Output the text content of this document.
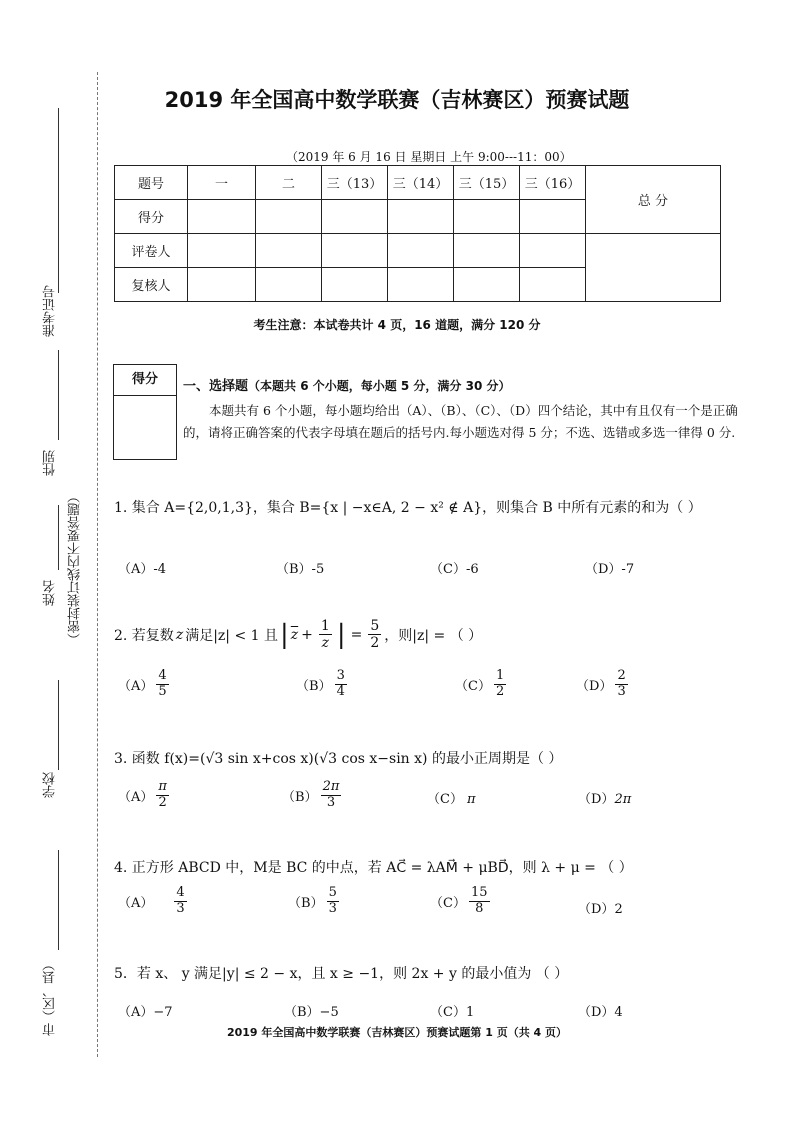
准考证号
性别
姓名 （密封装订线内不要答题）
学校
市（区、县）
2019 年全国高中数学联赛（吉林赛区）预赛试题
（2019 年 6 月 16 日 星期日 上午 9:00---11：00）
题号	一	二	三（13）	三（14）	三（15）	三（16）	总 分
得分							
评卷人							
复核人							
考生注意：本试卷共计 4 页，16 道题，满分 120 分
得分	一、选择题（本题共 6 个小题，每小题 5 分，满分 30 分）
本题共有 6 个小题，每小题均给出（A）、（B）、（C）、（D）四个结论，其中有且仅有一个是正确的，请将正确答案的代表字母填在题后的括号内.每小题选对得 5 分；不选、选错或多选一律得 0 分.
1. 集合 A={2,0,1,3}，集合 B={x | −x∈A, 2 − x² ∉ A}，则集合 B 中所有元素的和为（ ）
（A）-4	（B）-5	（C）-6	（D）-7
2. 若复数 z 满足|z| < 1 且 | $\overline{z} + \frac{1}{z}$ | = $\frac{5}{2}$ ，则|z| = （ ）
$(A) \frac{4}{5}$	$(B) \frac{3}{4}$	$(C) \frac{1}{2}$	$(D) \frac{2}{3}$
3. 函数 f(x)=(√3 sin x+cos x)(√3 cos x−sin x) 的最小正周期是（ ）
$(A) \frac{\pi}{2}$	$(B) \frac{2\pi}{3}$	（C） π	（D）2π
4. 正方形 ABCD 中，M是 BC 的中点，若 AC⃗ = λAM⃗ + μBD⃗，则 λ + μ = （ ）
$(A) \frac{4}{3}$	$(B) \frac{5}{3}$	$(C) \frac{15}{8}$	（D）2
5．若 x、 y 满足|y| ≤ 2 − x，且 x ≥ −1，则 2x + y 的最小值为 （ ）
（A）−7	（B）−5	（C）1	（D）4
2019 年全国高中数学联赛（吉林赛区）预赛试题第 1 页（共 4 页）
